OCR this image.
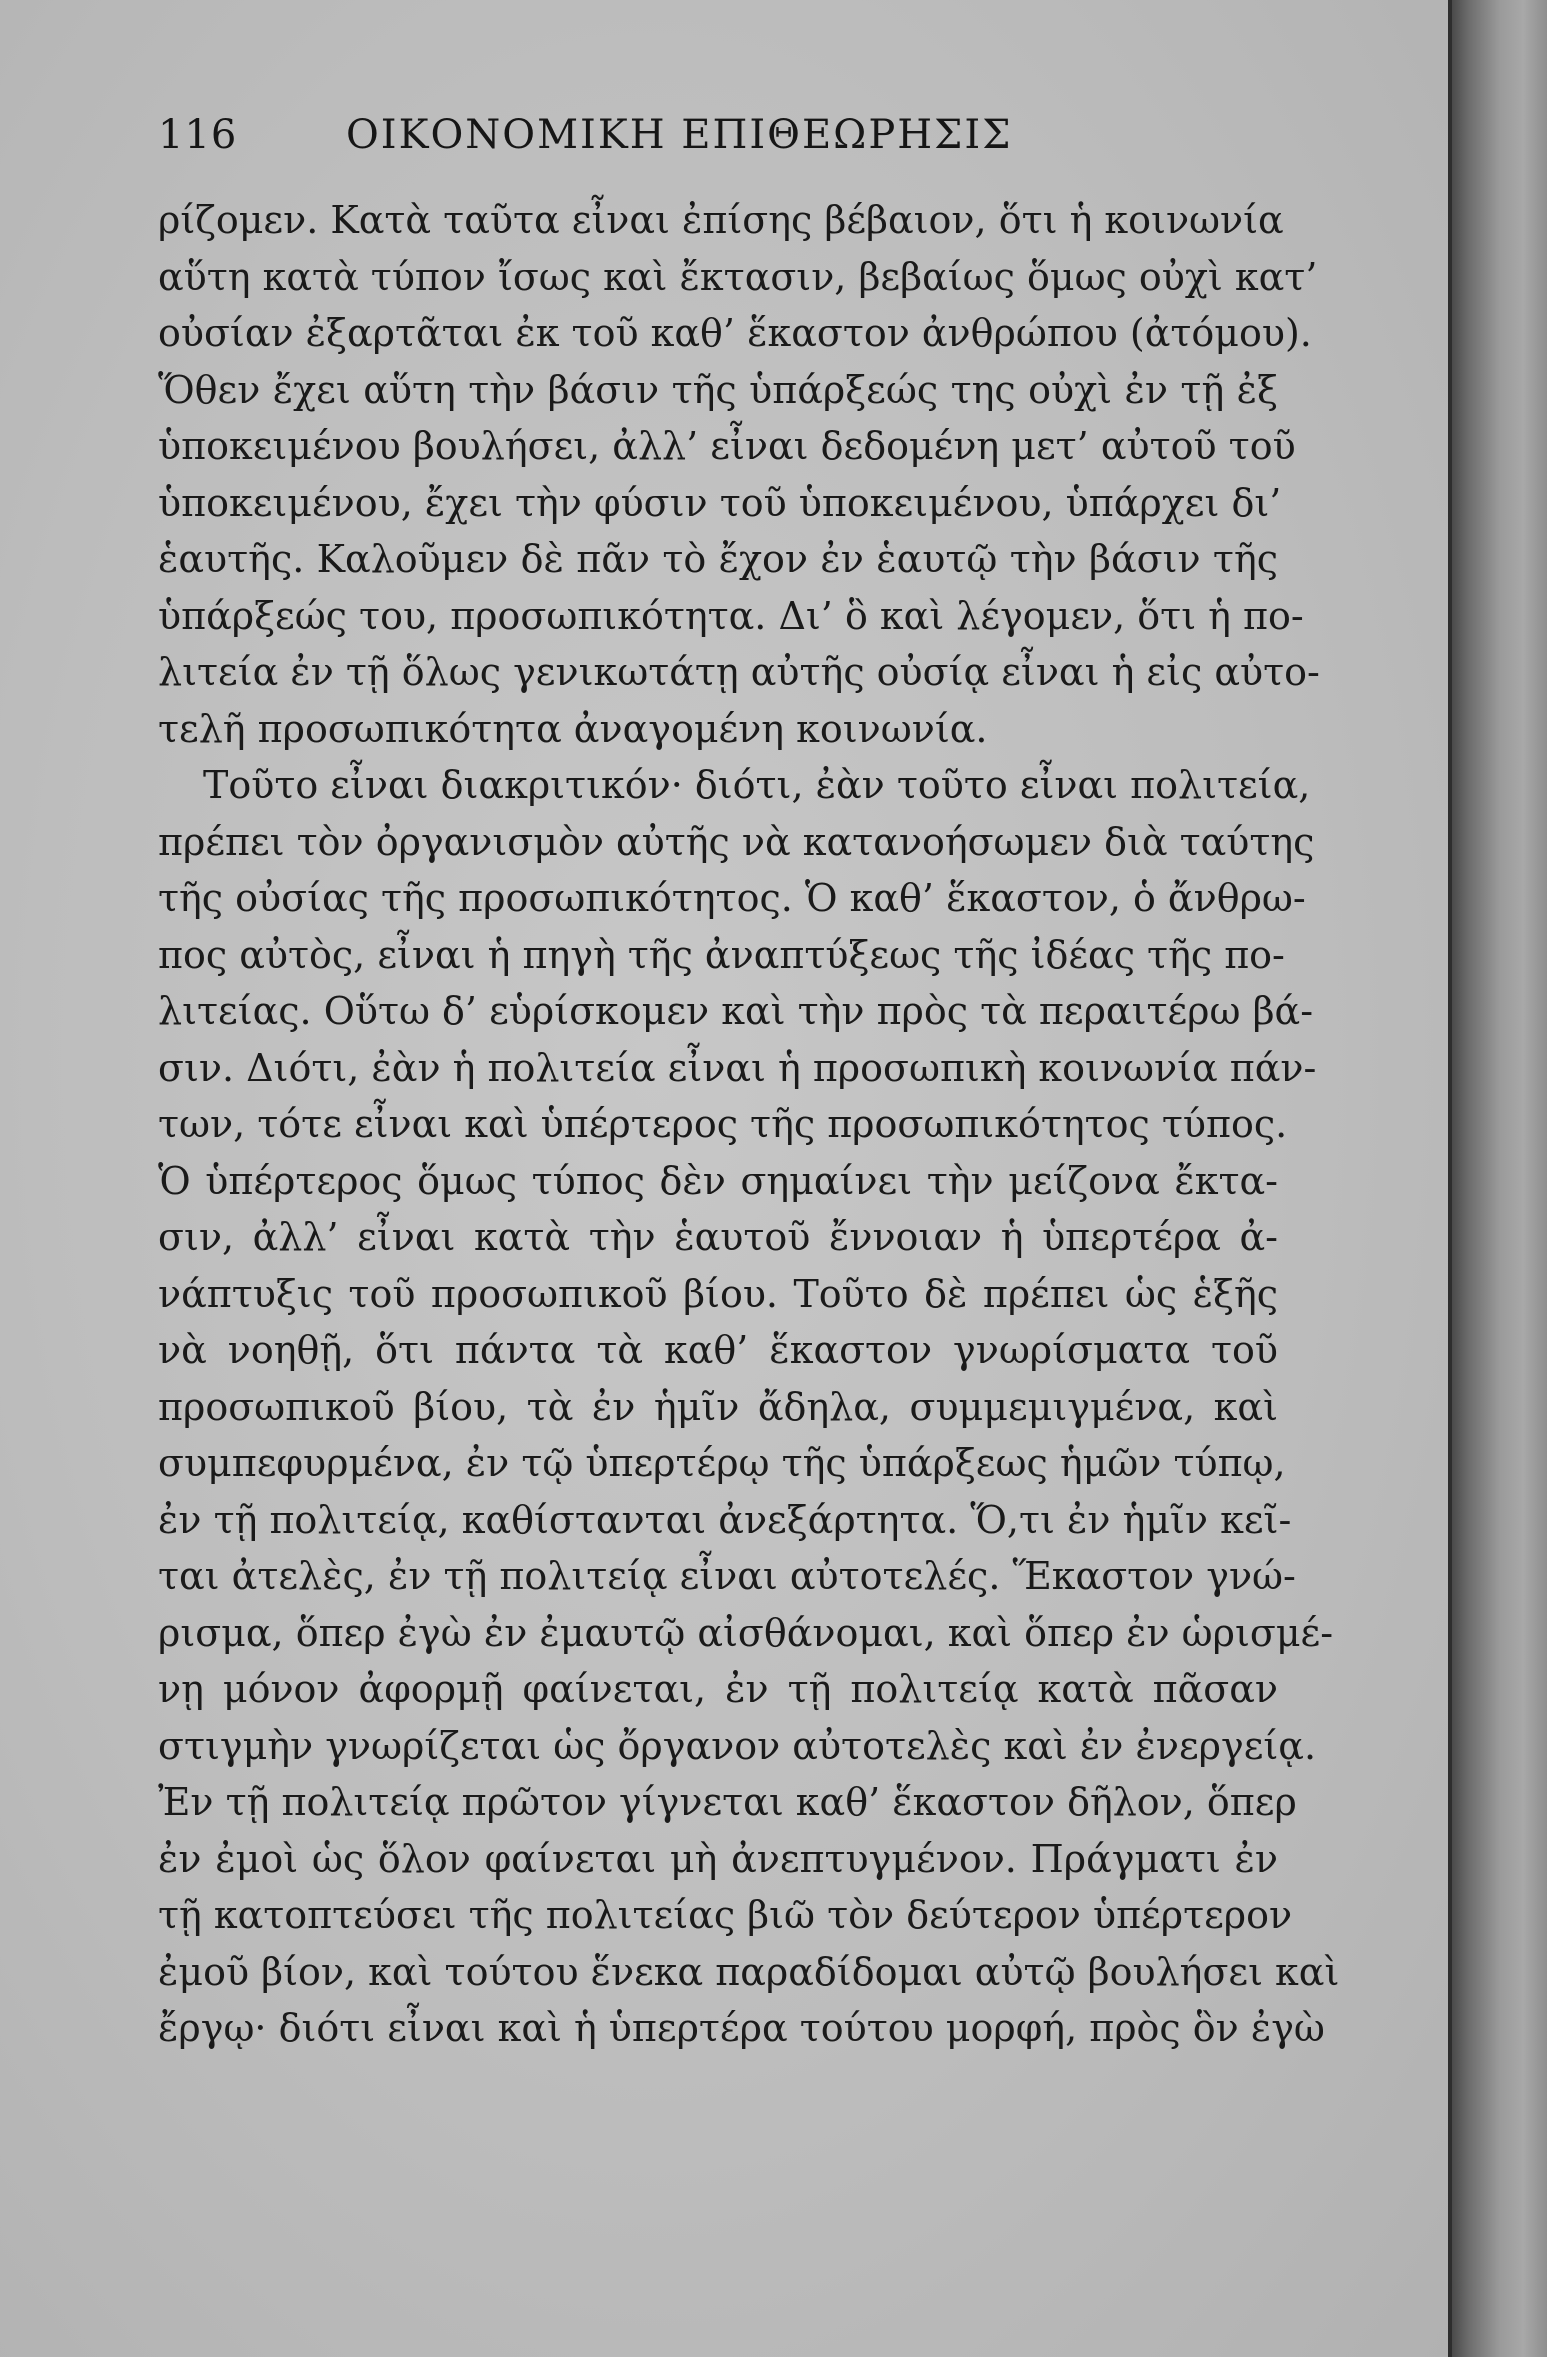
116	ΟΙΚΟΝΟΜΙΚΗ ΕΠΙΘΕΩΡΗΣΙΣ
ρίζομεν. Κατὰ ταῦτα εἶναι ἐπίσης βέβαιον, ὅτι ἡ κοινωνία
αὕτη κατὰ τύπον ἴσως καὶ ἔκτασιν, βεβαίως ὅμως οὐχὶ κατ’
οὐσίαν ἐξαρτᾶται ἐκ τοῦ καθ’ ἕκαστον ἀνθρώπου (ἀτόμου).
Ὅθεν ἔχει αὕτη τὴν βάσιν τῆς ὑπάρξεώς της οὐχὶ ἐν τῇ ἐξ
ὑποκειμένου βουλήσει, ἀλλ’ εἶναι δεδομένη μετ’ αὐτοῦ τοῦ
ὑποκειμένου, ἔχει τὴν φύσιν τοῦ ὑποκειμένου, ὑπάρχει δι’
ἑαυτῆς. Καλοῦμεν δὲ πᾶν τὸ ἔχον ἐν ἑαυτῷ τὴν βάσιν τῆς
ὑπάρξεώς του, προσωπικότητα. Δι’ ὃ καὶ λέγομεν, ὅτι ἡ πο-
λιτεία ἐν τῇ ὅλως γενικωτάτῃ αὐτῆς οὐσίᾳ εἶναι ἡ εἰς αὐτο-
τελῆ προσωπικότητα ἀναγομένη κοινωνία.
Τοῦτο εἶναι διακριτικόν· διότι, ἐὰν τοῦτο εἶναι πολιτεία,
πρέπει τὸν ὀργανισμὸν αὐτῆς νὰ κατανοήσωμεν διὰ ταύτης
τῆς οὐσίας τῆς προσωπικότητος. Ὁ καθ’ ἕκαστον, ὁ ἄνθρω-
πος αὐτὸς, εἶναι ἡ πηγὴ τῆς ἀναπτύξεως τῆς ἰδέας τῆς πο-
λιτείας. Οὕτω δ’ εὑρίσκομεν καὶ τὴν πρὸς τὰ περαιτέρω βά-
σιν. Διότι, ἐὰν ἡ πολιτεία εἶναι ἡ προσωπικὴ κοινωνία πάν-
των, τότε εἶναι καὶ ὑπέρτερος τῆς προσωπικότητος τύπος.
Ὁ ὑπέρτερος ὅμως τύπος δὲν σημαίνει τὴν μείζονα ἔκτα-
σιν, ἀλλ’ εἶναι κατὰ τὴν ἑαυτοῦ ἔννοιαν ἡ ὑπερτέρα ἀ-
νάπτυξις τοῦ προσωπικοῦ βίου. Τοῦτο δὲ πρέπει ὡς ἑξῆς
νὰ νοηθῇ, ὅτι πάντα τὰ καθ’ ἕκαστον γνωρίσματα τοῦ
προσωπικοῦ βίου, τὰ ἐν ἡμῖν ἄδηλα, συμμεμιγμένα, καὶ
συμπεφυρμένα, ἐν τῷ ὑπερτέρῳ τῆς ὑπάρξεως ἡμῶν τύπῳ,
ἐν τῇ πολιτείᾳ, καθίστανται ἀνεξάρτητα. Ὅ,τι ἐν ἡμῖν κεῖ-
ται ἀτελὲς, ἐν τῇ πολιτείᾳ εἶναι αὐτοτελές. Ἕκαστον γνώ-
ρισμα, ὅπερ ἐγὼ ἐν ἐμαυτῷ αἰσθάνομαι, καὶ ὅπερ ἐν ὡρισμέ-
νῃ μόνον ἀφορμῇ φαίνεται, ἐν τῇ πολιτείᾳ κατὰ πᾶσαν
στιγμὴν γνωρίζεται ὡς ὄργανον αὐτοτελὲς καὶ ἐν ἐνεργείᾳ.
Ἐν τῇ πολιτείᾳ πρῶτον γίγνεται καθ’ ἕκαστον δῆλον, ὅπερ
ἐν ἐμοὶ ὡς ὅλον φαίνεται μὴ ἀνεπτυγμένον. Πράγματι ἐν
τῇ κατοπτεύσει τῆς πολιτείας βιῶ τὸν δεύτερον ὑπέρτερον
ἐμοῦ βίον, καὶ τούτου ἕνεκα παραδίδομαι αὐτῷ βουλήσει καὶ
ἔργῳ· διότι εἶναι καὶ ἡ ὑπερτέρα τούτου μορφή, πρὸς ὃν ἐγὼ
